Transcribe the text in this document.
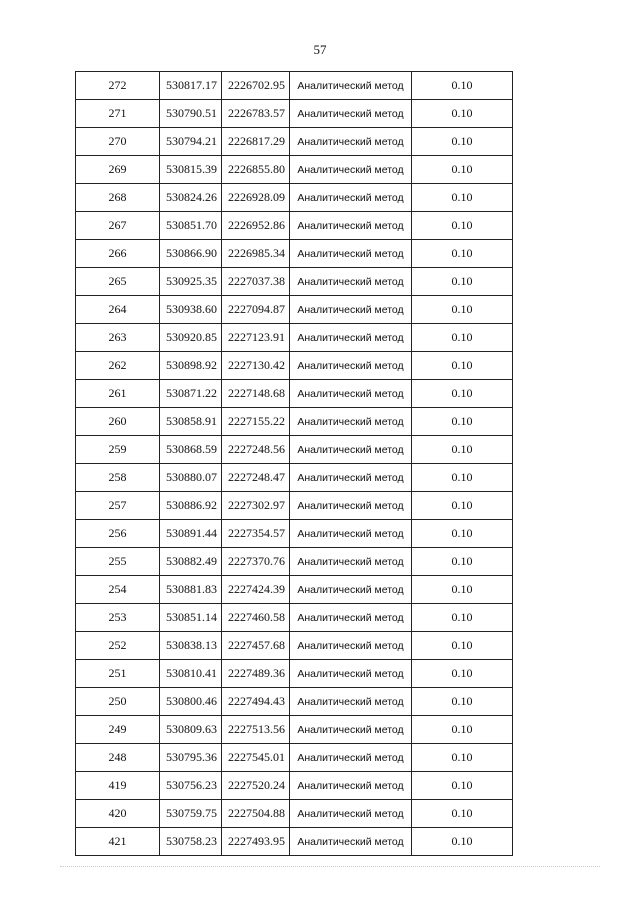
57
272	530817.17	2226702.95	Аналитический метод	0.10
271	530790.51	2226783.57	Аналитический метод	0.10
270	530794.21	2226817.29	Аналитический метод	0.10
269	530815.39	2226855.80	Аналитический метод	0.10
268	530824.26	2226928.09	Аналитический метод	0.10
267	530851.70	2226952.86	Аналитический метод	0.10
266	530866.90	2226985.34	Аналитический метод	0.10
265	530925.35	2227037.38	Аналитический метод	0.10
264	530938.60	2227094.87	Аналитический метод	0.10
263	530920.85	2227123.91	Аналитический метод	0.10
262	530898.92	2227130.42	Аналитический метод	0.10
261	530871.22	2227148.68	Аналитический метод	0.10
260	530858.91	2227155.22	Аналитический метод	0.10
259	530868.59	2227248.56	Аналитический метод	0.10
258	530880.07	2227248.47	Аналитический метод	0.10
257	530886.92	2227302.97	Аналитический метод	0.10
256	530891.44	2227354.57	Аналитический метод	0.10
255	530882.49	2227370.76	Аналитический метод	0.10
254	530881.83	2227424.39	Аналитический метод	0.10
253	530851.14	2227460.58	Аналитический метод	0.10
252	530838.13	2227457.68	Аналитический метод	0.10
251	530810.41	2227489.36	Аналитический метод	0.10
250	530800.46	2227494.43	Аналитический метод	0.10
249	530809.63	2227513.56	Аналитический метод	0.10
248	530795.36	2227545.01	Аналитический метод	0.10
419	530756.23	2227520.24	Аналитический метод	0.10
420	530759.75	2227504.88	Аналитический метод	0.10
421	530758.23	2227493.95	Аналитический метод	0.10
